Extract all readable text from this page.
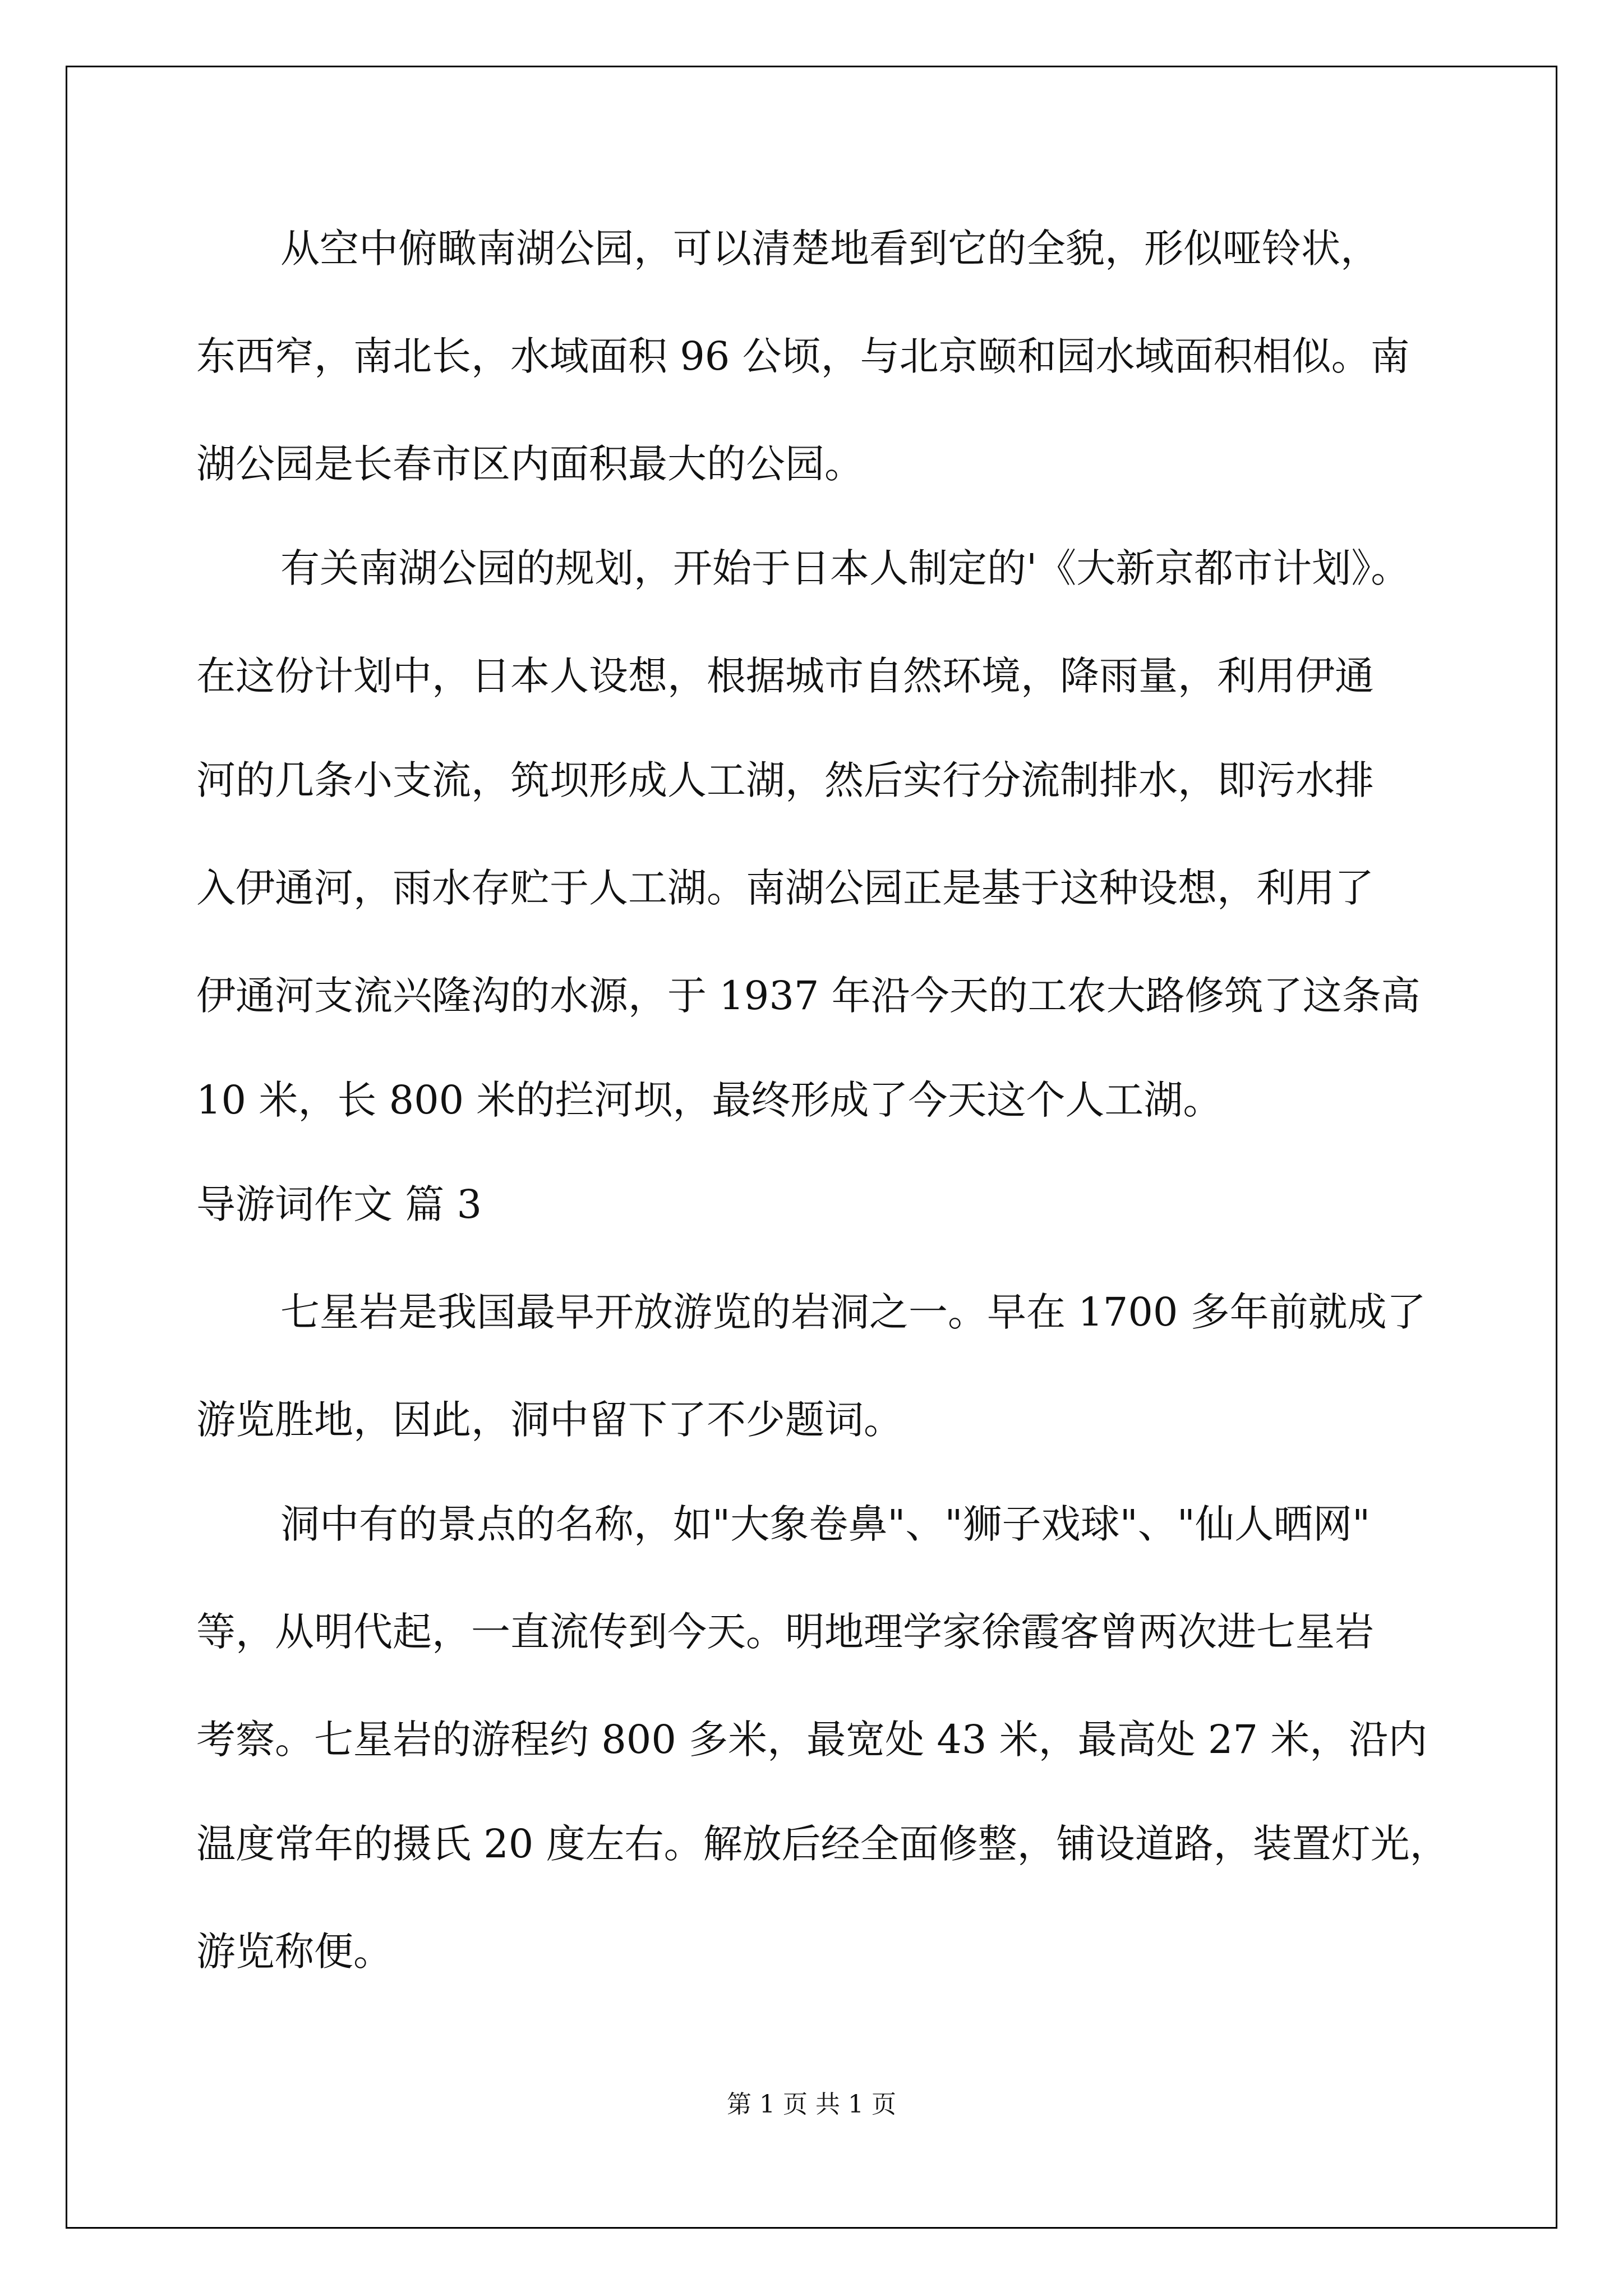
从空中俯瞰南湖公园，可以清楚地看到它的全貌，形似哑铃状，
东西窄，南北长，水域面积 96 公顷，与北京颐和园水域面积相似。南
湖公园是长春市区内面积最大的公园。
有关南湖公园的规划，开始于日本人制定的'《大新京都市计划》。
在这份计划中，日本人设想，根据城市自然环境，降雨量，利用伊通
河的几条小支流，筑坝形成人工湖，然后实行分流制排水，即污水排
入伊通河，雨水存贮于人工湖。南湖公园正是基于这种设想，利用了
伊通河支流兴隆沟的水源，于 1937 年沿今天的工农大路修筑了这条高
10 米，长 800 米的拦河坝，最终形成了今天这个人工湖。
导游词作文 篇 3
七星岩是我国最早开放游览的岩洞之一。早在 1700 多年前就成了
游览胜地，因此，洞中留下了不少题词。
洞中有的景点的名称，如"大象卷鼻"、"狮子戏球"、"仙人晒网"
等，从明代起，一直流传到今天。明地理学家徐霞客曾两次进七星岩
考察。七星岩的游程约 800 多米，最宽处 43 米，最高处 27 米，沿内
温度常年的摄氏 20 度左右。解放后经全面修整，铺设道路，装置灯光，
游览称便。
第 1 页 共 1 页
